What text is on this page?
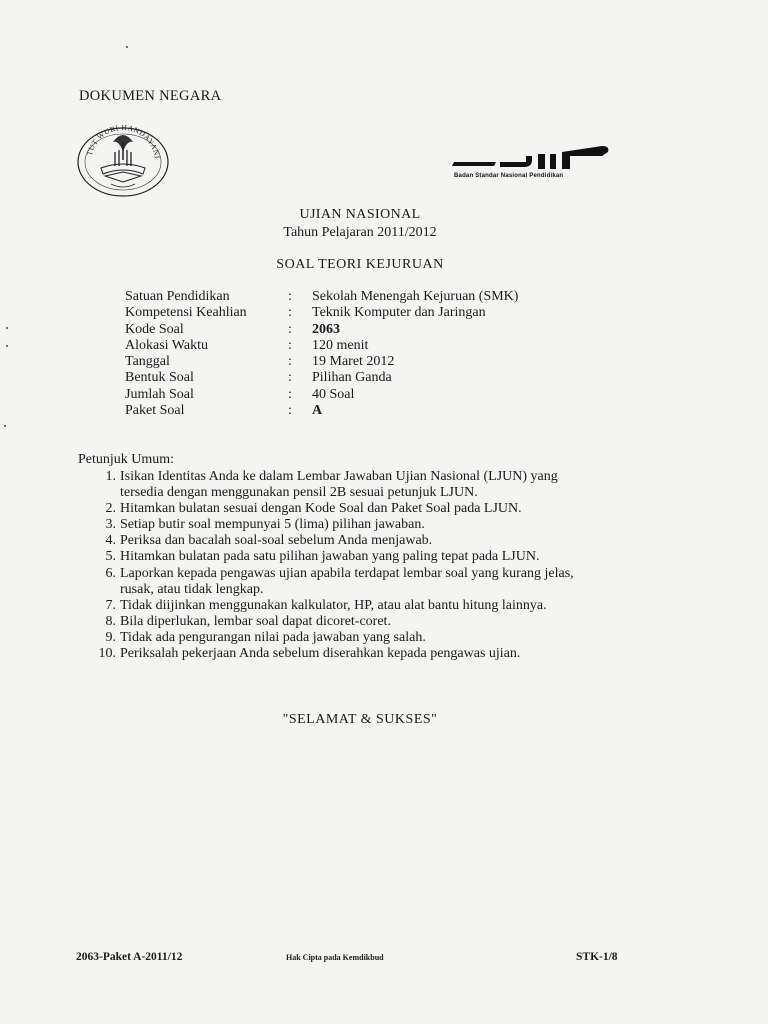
DOKUMEN NEGARA
TUT WURI HANDAYANI
Badan Standar Nasional Pendidikan
UJIAN NASIONAL
Tahun Pelajaran 2011/2012
SOAL TEORI KEJURUAN
Satuan Pendidikan	:	Sekolah Menengah Kejuruan (SMK)
Kompetensi Keahlian	:	Teknik Komputer dan Jaringan
Kode Soal	:	2063
Alokasi Waktu	:	120 menit
Tanggal	:	19 Maret 2012
Bentuk Soal	:	Pilihan Ganda
Jumlah Soal	:	40 Soal
Paket Soal	:	A
Petunjuk Umum:
1. Isikan Identitas Anda ke dalam Lembar Jawaban Ujian Nasional (LJUN) yang
tersedia dengan menggunakan pensil 2B sesuai petunjuk LJUN.
2. Hitamkan bulatan sesuai dengan Kode Soal dan Paket Soal pada LJUN.
3. Setiap butir soal mempunyai 5 (lima) pilihan jawaban.
4. Periksa dan bacalah soal-soal sebelum Anda menjawab.
5. Hitamkan bulatan pada satu pilihan jawaban yang paling tepat pada LJUN.
6. Laporkan kepada pengawas ujian apabila terdapat lembar soal yang kurang jelas,
rusak, atau tidak lengkap.
7. Tidak diijinkan menggunakan kalkulator, HP, atau alat bantu hitung lainnya.
8. Bila diperlukan, lembar soal dapat dicoret-coret.
9. Tidak ada pengurangan nilai pada jawaban yang salah.
10. Periksalah pekerjaan Anda sebelum diserahkan kepada pengawas ujian.
"SELAMAT & SUKSES"
2063-Paket A-2011/12	Hak Cipta pada Kemdikbud	STK-1/8
